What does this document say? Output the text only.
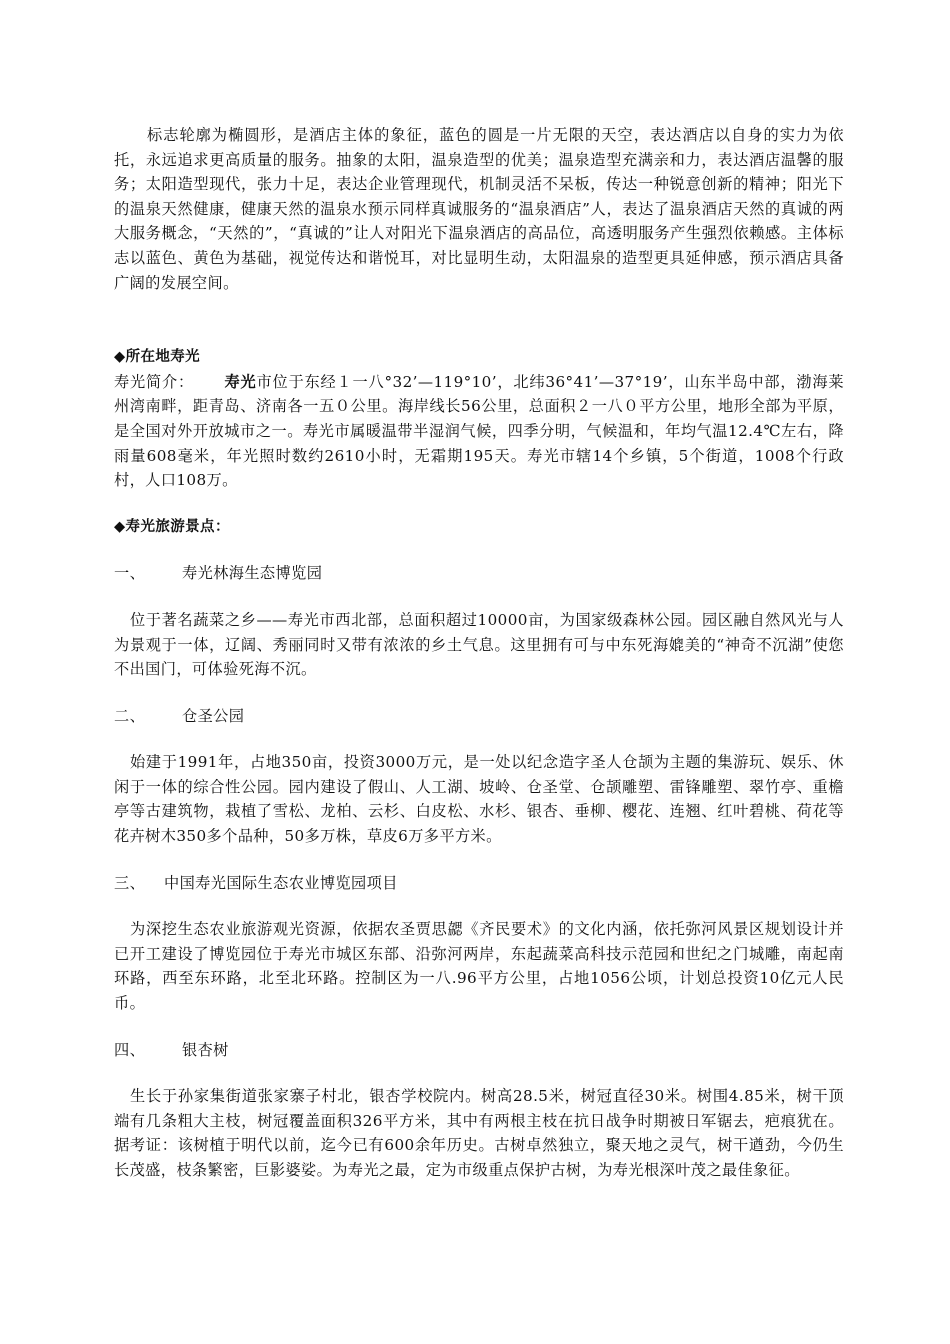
标志轮廓为椭圆形，是酒店主体的象征，蓝色的圆是一片无限的天空，表达酒店以自身的实力为依托，永远追求更高质量的服务。抽象的太阳，温泉造型的优美；温泉造型充满亲和力，表达酒店温馨的服务；太阳造型现代，张力十足，表达企业管理现代，机制灵活不呆板，传达一种锐意创新的精神；阳光下的温泉天然健康，健康天然的温泉水预示同样真诚服务的“温泉酒店”人，表达了温泉酒店天然的真诚的两大服务概念，“天然的”，“真诚的”让人对阳光下温泉酒店的高品位，高透明服务产生强烈依赖感。主体标志以蓝色、黄色为基础，视觉传达和谐悦耳，对比显明生动，太阳温泉的造型更具延伸感，预示酒店具备广阔的发展空间。

◆所在地寿光

寿光简介： 寿光市位于东经１一八°32’—119°10’，北纬36°41’—37°19’，山东半岛中部，渤海莱州湾南畔，距青岛、济南各一五０公里。海岸线长56公里，总面积２一八０平方公里，地形全部为平原，是全国对外开放城市之一。寿光市属暖温带半湿润气候，四季分明，气候温和，年均气温12.4℃左右，降雨量608毫米，年光照时数约2610小时，无霜期195天。寿光市辖14个乡镇，5个街道，1008个行政村，人口108万。

◆寿光旅游景点：

一、	寿光林海生态博览园

位于著名蔬菜之乡——寿光市西北部，总面积超过10000亩，为国家级森林公园。园区融自然风光与人为景观于一体，辽阔、秀丽同时又带有浓浓的乡土气息。这里拥有可与中东死海媲美的“神奇不沉湖”使您不出国门，可体验死海不沉。

二、	仓圣公园

始建于1991年，占地350亩，投资3000万元，是一处以纪念造字圣人仓颉为主题的集游玩、娱乐、休闲于一体的综合性公园。园内建设了假山、人工湖、坡岭、仓圣堂、仓颉雕塑、雷锋雕塑、翠竹亭、重檐亭等古建筑物，栽植了雪松、龙柏、云杉、白皮松、水杉、银杏、垂柳、樱花、连翘、红叶碧桃、荷花等花卉树木350多个品种，50多万株，草皮6万多平方米。

三、	中国寿光国际生态农业博览园项目

为深挖生态农业旅游观光资源，依据农圣贾思勰《齐民要术》的文化内涵，依托弥河风景区规划设计并已开工建设了博览园位于寿光市城区东部、沿弥河两岸，东起蔬菜高科技示范园和世纪之门城雕，南起南环路，西至东环路，北至北环路。控制区为一八.96平方公里，占地1056公顷，计划总投资10亿元人民币。

四、	银杏树

生长于孙家集街道张家寨子村北，银杏学校院内。树高28.5米，树冠直径30米。树围4.85米，树干顶端有几条粗大主枝，树冠覆盖面积326平方米，其中有两根主枝在抗日战争时期被日军锯去，疤痕犹在。据考证：该树植于明代以前，迄今已有600余年历史。古树卓然独立，聚天地之灵气，树干遒劲，今仍生长茂盛，枝条繁密，巨影婆娑。为寿光之最，定为市级重点保护古树，为寿光根深叶茂之最佳象征。
